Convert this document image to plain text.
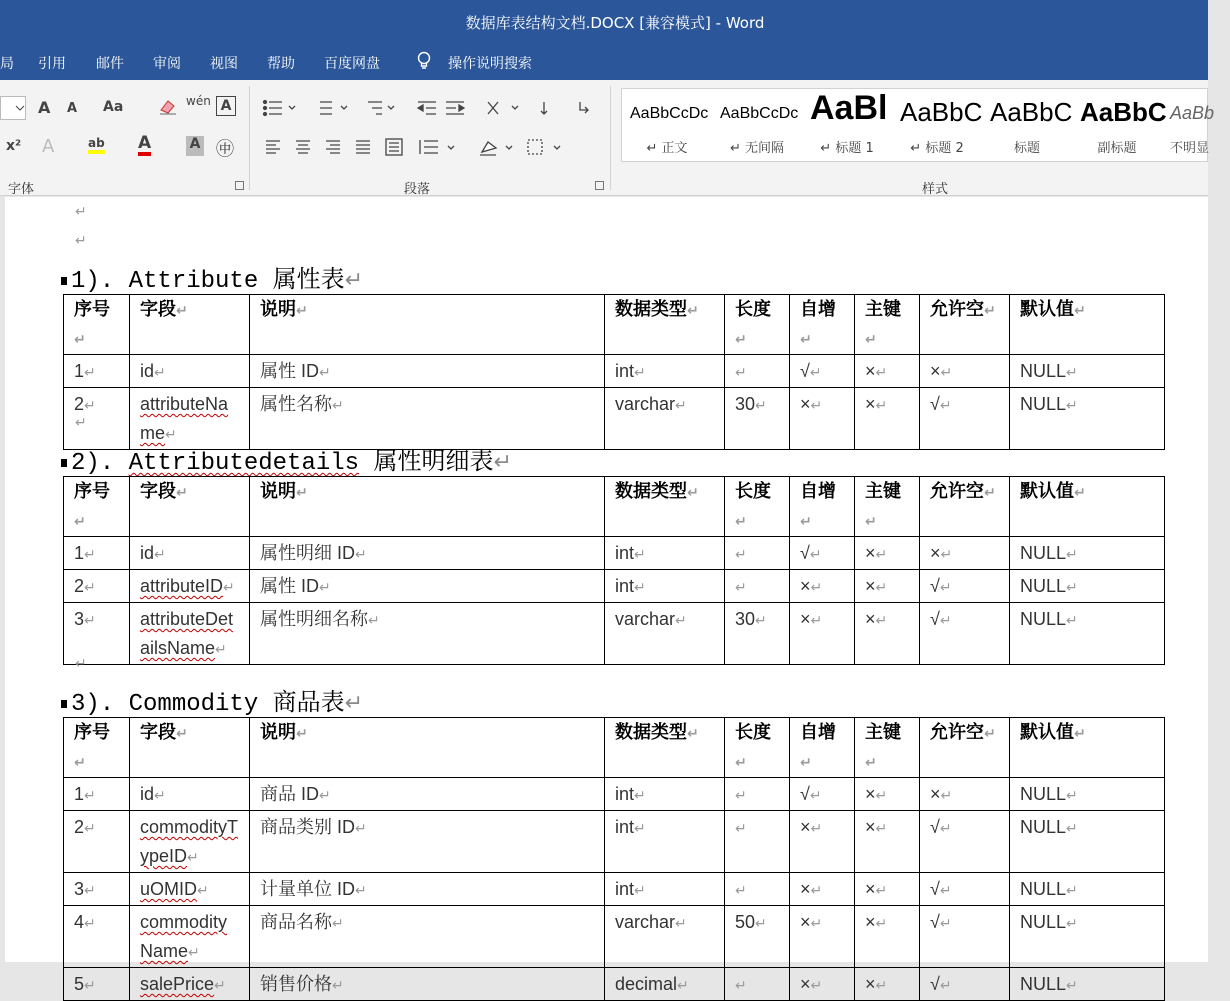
数据库表结构文档.DOCX [兼容模式] - Word
局 引用 邮件 审阅 视图 帮助 百度网盘	操作说明搜索
A A Aa	wén A
x² A	ab A	A ㊥
字体	段落
AaBbCcDc
↵ 正文
AaBbCcDc
↵ 无间隔
AaBl
↵ 标题 1
AaBbC
↵ 标题 2
AaBbC
标题
AaBbC
副标题
AaBb
不明显
样式
↵
↵
1). Attribute 属性表↵
序号↵	字段↵	说明↵	数据类型↵	长度↵	自增↵	主键↵	允许空↵	默认值↵
1↵	id↵	属性 ID↵	int↵	↵	√↵	×↵	×↵	NULL↵
2↵	attributeName↵	属性名称↵	varchar↵	30↵	×↵	×↵	√↵	NULL↵
↵
2). Attributedetails 属性明细表↵
序号↵	字段↵	说明↵	数据类型↵	长度↵	自增↵	主键↵	允许空↵	默认值↵
1↵	id↵	属性明细 ID↵	int↵	↵	√↵	×↵	×↵	NULL↵
2↵	attributeID↵	属性 ID↵	int↵	↵	×↵	×↵	√↵	NULL↵
3↵	attributeDetailsName↵	属性明细名称↵	varchar↵	30↵	×↵	×↵	√↵	NULL↵
↵
3). Commodity 商品表↵
序号↵	字段↵	说明↵	数据类型↵	长度↵	自增↵	主键↵	允许空↵	默认值↵
1↵	id↵	商品 ID↵	int↵	↵	√↵	×↵	×↵	NULL↵
2↵	commodityTypeID↵	商品类别 ID↵	int↵	↵	×↵	×↵	√↵	NULL↵
3↵	uOMID↵	计量单位 ID↵	int↵	↵	×↵	×↵	√↵	NULL↵
4↵	commodityName↵	商品名称↵	varchar↵	50↵	×↵	×↵	√↵	NULL↵
5↵	salePrice↵	销售价格↵	decimal↵	↵	×↵	×↵	√↵	NULL↵
